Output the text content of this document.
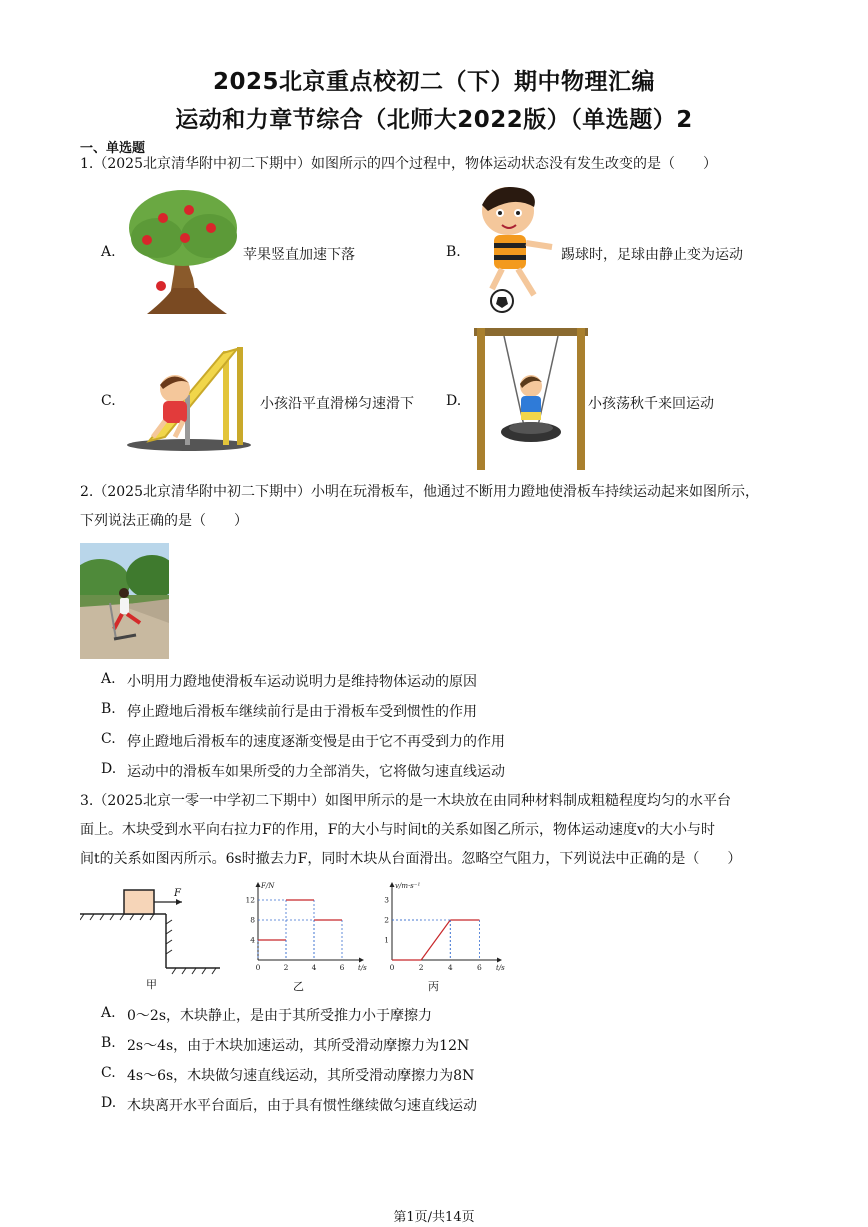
2025北京重点校初二（下）期中物理汇编
运动和力章节综合（北师大2022版）（单选题）2
一、单选题
1.（2025北京清华附中初二下期中）如图所示的四个过程中，物体运动状态没有发生改变的是（　　）
A.	苹果竖直加速下落	B.	踢球时，足球由静止变为运动
C.	小孩沿平直滑梯匀速滑下 D.	小孩荡秋千来回运动
2.（2025北京清华附中初二下期中）小明在玩滑板车，他通过不断用力蹬地使滑板车持续运动起来如图所示，
下列说法正确的是（　　）
A. 小明用力蹬地使滑板车运动说明力是维持物体运动的原因
B. 停止蹬地后滑板车继续前行是由于滑板车受到惯性的作用
C. 停止蹬地后滑板车的速度逐渐变慢是由于它不再受到力的作用
D. 运动中的滑板车如果所受的力全部消失，它将做匀速直线运动
3.（2025北京一零一中学初二下期中）如图甲所示的是一木块放在由同种材料制成粗糙程度均匀的水平台
面上。木块受到水平向右拉力F的作用，F的大小与时间t的关系如图乙所示，物体运动速度v的大小与时
间t的关系如图丙所示。6s时撤去力F，同时木块从台面滑出。忽略空气阻力，下列说法中正确的是（　　）
F
甲
F/N
t/s
0	2	4	6
4
8
12
乙
v/m·s⁻¹
t/s
0	2	4	6
1
2
3
丙
A. 0～2s，木块静止，是由于其所受推力小于摩擦力
B. 2s～4s，由于木块加速运动，其所受滑动摩擦力为12N
C. 4s～6s，木块做匀速直线运动，其所受滑动摩擦力为8N
D. 木块离开水平台面后，由于具有惯性继续做匀速直线运动
第1页/共14页
